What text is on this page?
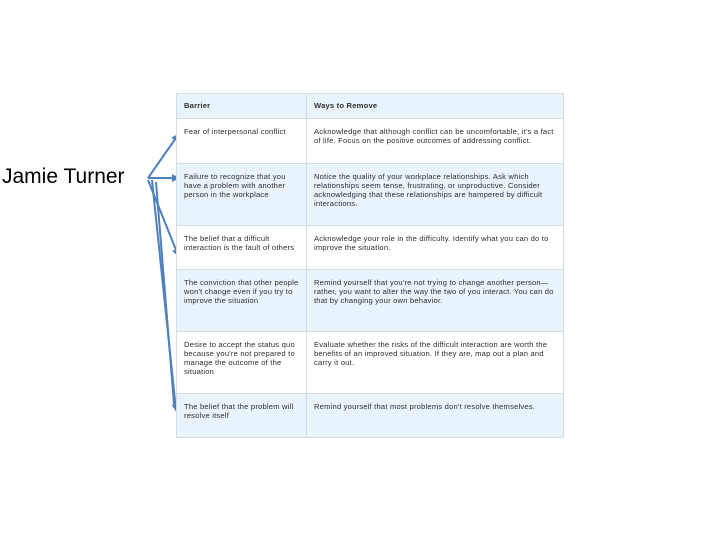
Jamie Turner
Barrier	Ways to Remove
Fear of interpersonal conflict	Acknowledge that although conflict can be uncomfortable, it's a fact of life. Focus on the positive outcomes of addressing conflict.
Failure to recognize that you have a problem with another person in the workplace	Notice the quality of your workplace relationships. Ask which relationships seem tense, frustrating, or unproductive. Consider acknowledging that these relationships are hampered by difficult interactions.
The belief that a difficult interaction is the fault of others	Acknowledge your role in the difficulty. Identify what you can do to improve the situation.
The conviction that other people won't change even if you try to improve the situation	Remind yourself that you're not trying to change another person—rather, you want to alter the way the two of you interact. You can do that by changing your own behavior.
Desire to accept the status quo because you're not prepared to manage the outcome of the situation	Evaluate whether the risks of the difficult interaction are worth the benefits of an improved situation. If they are, map out a plan and carry it out.
The belief that the problem will resolve itself	Remind yourself that most problems don't resolve themselves.
